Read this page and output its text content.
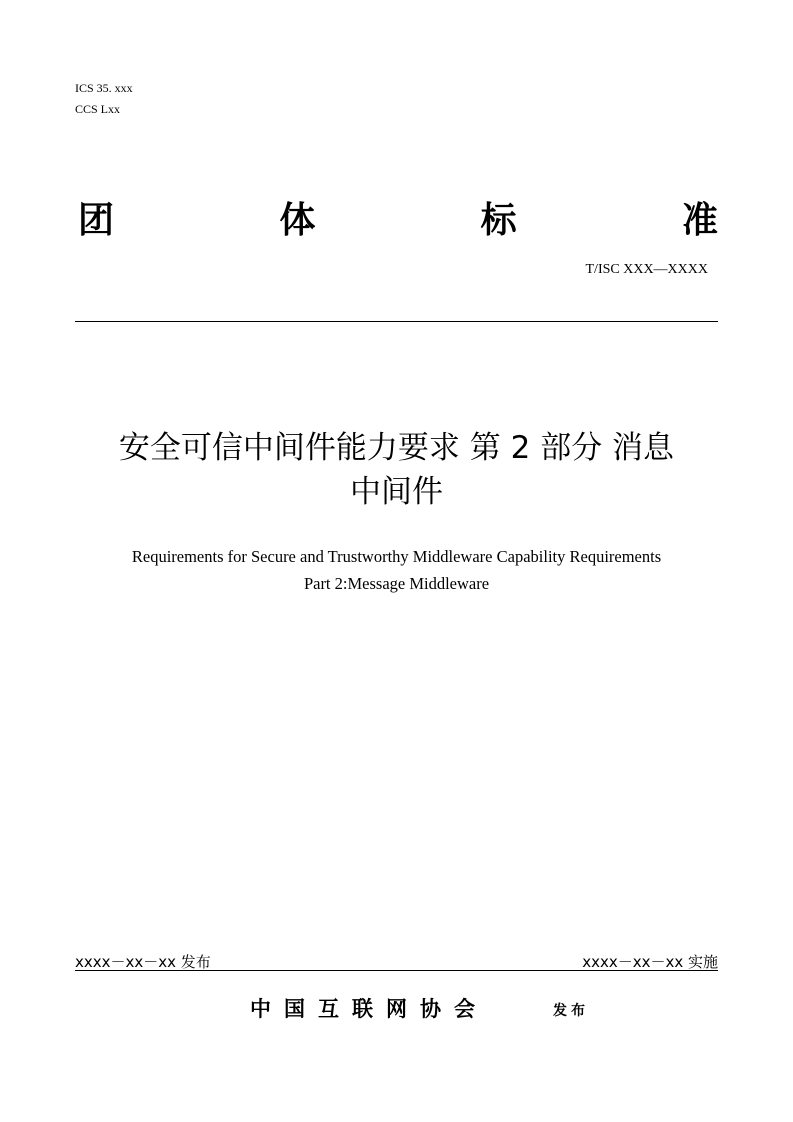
ICS 35. xxx
CCS Lxx
团	体	标	准
T/ISC XXX—XXXX
安全可信中间件能力要求 第 2 部分 消息
中间件
Requirements for Secure and Trustworthy Middleware Capability Requirements
Part 2:Message Middleware
xxxx－xx－xx 发布	xxxx－xx－xx 实施
中国互联网协会	发布
